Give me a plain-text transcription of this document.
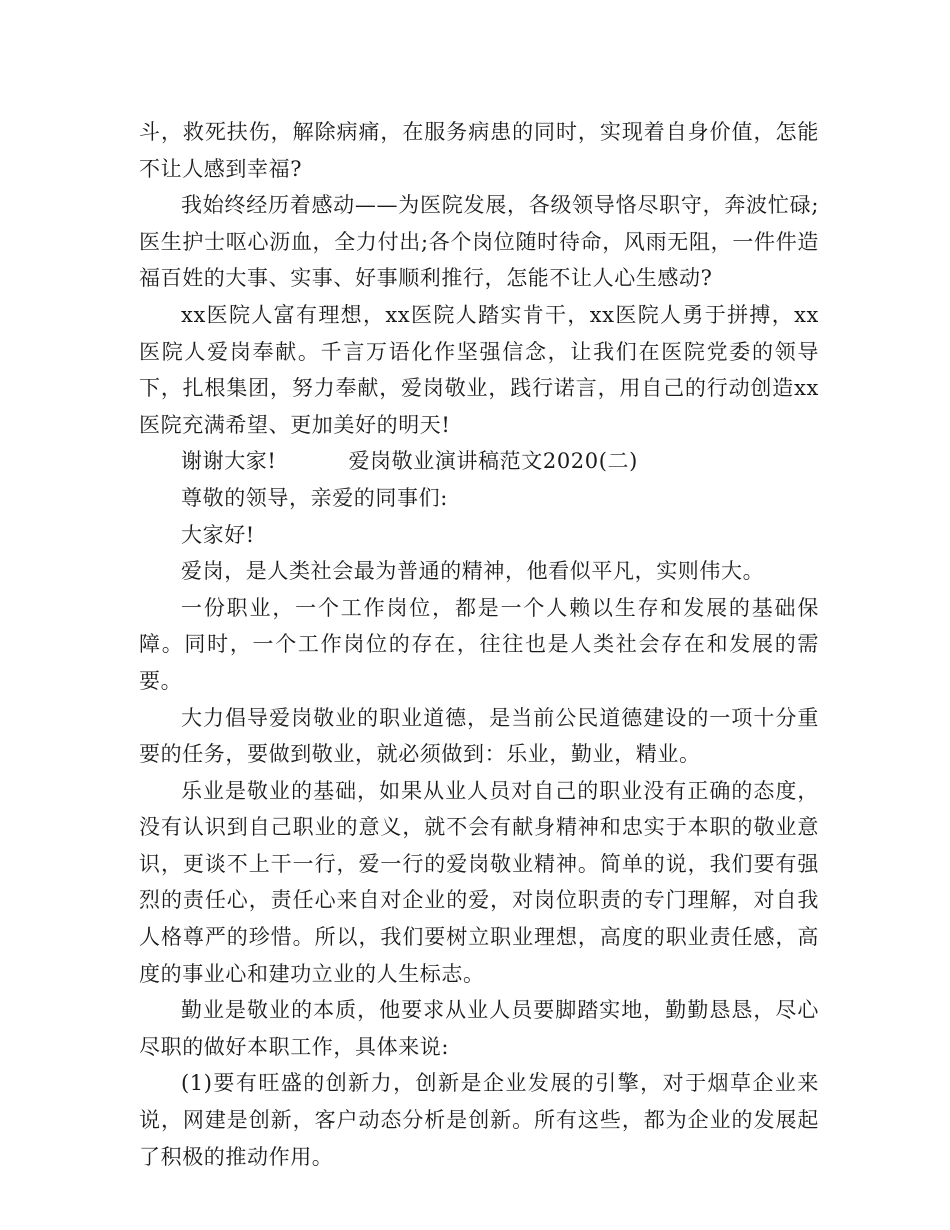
斗，救死扶伤，解除病痛，在服务病患的同时，实现着自身价值，怎能不让人感到幸福?

我始终经历着感动——为医院发展，各级领导恪尽职守，奔波忙碌;医生护士呕心沥血，全力付出;各个岗位随时待命，风雨无阻，一件件造福百姓的大事、实事、好事顺利推行，怎能不让人心生感动?

xx医院人富有理想，xx医院人踏实肯干，xx医院人勇于拼搏，xx医院人爱岗奉献。千言万语化作坚强信念，让我们在医院党委的领导下，扎根集团，努力奉献，爱岗敬业，践行诺言，用自己的行动创造xx医院充满希望、更加美好的明天!

谢谢大家!	爱岗敬业演讲稿范文2020(二)

尊敬的领导，亲爱的同事们:

大家好!

爱岗，是人类社会最为普通的精神，他看似平凡，实则伟大。

一份职业，一个工作岗位，都是一个人赖以生存和发展的基础保障。同时，一个工作岗位的存在，往往也是人类社会存在和发展的需要。

大力倡导爱岗敬业的职业道德，是当前公民道德建设的一项十分重要的任务，要做到敬业，就必须做到：乐业，勤业，精业。

乐业是敬业的基础，如果从业人员对自己的职业没有正确的态度，没有认识到自己职业的意义，就不会有献身精神和忠实于本职的敬业意识，更谈不上干一行，爱一行的爱岗敬业精神。简单的说，我们要有强烈的责任心，责任心来自对企业的爱，对岗位职责的专门理解，对自我人格尊严的珍惜。所以，我们要树立职业理想，高度的职业责任感，高度的事业心和建功立业的人生标志。

勤业是敬业的本质，他要求从业人员要脚踏实地，勤勤恳恳，尽心尽职的做好本职工作，具体来说:

(1)要有旺盛的创新力，创新是企业发展的引擎，对于烟草企业来说，网建是创新，客户动态分析是创新。所有这些，都为企业的发展起了积极的推动作用。
